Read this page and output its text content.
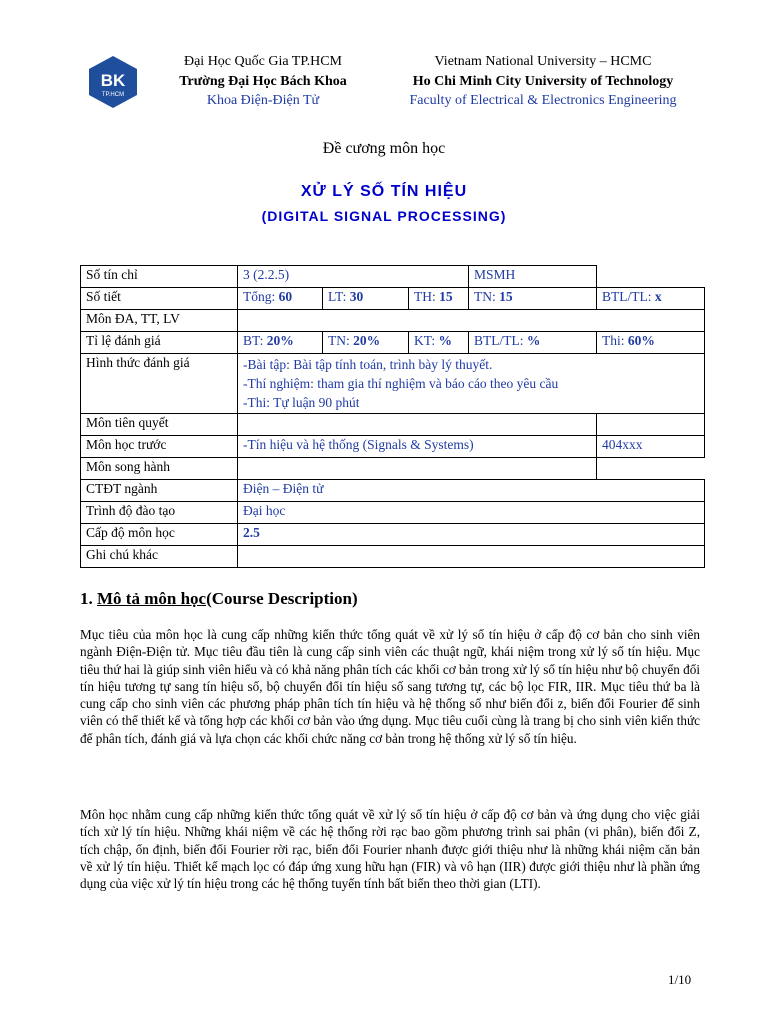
BK
TP.HCM
Đại Học Quốc Gia TP.HCM
Trường Đại Học Bách Khoa
Khoa Điện-Điện Tử
Vietnam National University – HCMC
Ho Chi Minh City University of Technology
Faculty of Electrical & Electronics Engineering
Đề cương môn học
XỬ LÝ SỐ TÍN HIỆU
(DIGITAL SIGNAL PROCESSING)
Số tín chỉ	3 (2.2.5)			MSMH	
Số tiết	Tổng: 60	LT: 30	TH: 15	TN: 15	BTL/TL: x
Môn ĐA, TT, LV					
Tỉ lệ đánh giá	BT: 20%	TN: 20%	KT: %	BTL/TL: %	Thi: 60%
Hình thức đánh giá	-Bài tập: Bài tập tính toán, trình bày lý thuyết.
-Thí nghiệm: tham gia thí nghiệm và báo cáo theo yêu cầu
-Thi: Tự luận 90 phút				

Môn tiên quyết					
Môn học trước	-Tín hiệu và hệ thống (Signals & Systems)				404xxx
Môn song hành					
CTĐT ngành	Điện – Điện tử				
Trình độ đào tạo	Đại học				
Cấp độ môn học	2.5				
Ghi chú khác					
1. Mô tả môn học(Course Description)
Mục tiêu của môn học là cung cấp những kiến thức tổng quát về xử lý số tín hiệu ở cấp độ cơ bản cho sinh viên ngành Điện-Điện tử. Mục tiêu đầu tiên là cung cấp sinh viên các thuật ngữ, khái niệm trong xử lý số tín hiệu. Mục tiêu thứ hai là giúp sinh viên hiểu và có khả năng phân tích các khối cơ bản trong xử lý số tín hiệu như bộ chuyển đổi tín hiệu tương tự sang tín hiệu số, bộ chuyển đổi tín hiệu số sang tương tự, các bộ lọc FIR, IIR. Mục tiêu thứ ba là cung cấp cho sinh viên các phương pháp phân tích tín hiệu và hệ thống số như biến đổi z, biến đổi Fourier để sinh viên có thể thiết kế và tổng hợp các khối cơ bản vào ứng dụng. Mục tiêu cuối cùng là trang bị cho sinh viên kiến thức để phân tích, đánh giá và lựa chọn các khối chức năng cơ bản trong hệ thống xử lý số tín hiệu.
Môn học nhằm cung cấp những kiến thức tổng quát về xử lý số tín hiệu ở cấp độ cơ bản và ứng dụng cho việc giải tích xử lý tín hiệu. Những khái niệm về các hệ thống rời rạc bao gồm phương trình sai phân (vi phân), biến đổi Z, tích chập, ổn định, biến đổi Fourier rời rạc, biến đổi Fourier nhanh được giới thiệu như là những khái niệm căn bản về xử lý tín hiệu. Thiết kế mạch lọc có đáp ứng xung hữu hạn (FIR) và vô hạn (IIR) được giới thiệu như là phần ứng dụng của việc xử lý tín hiệu trong các hệ thống tuyến tính bất biến theo thời gian (LTI).
1/10
